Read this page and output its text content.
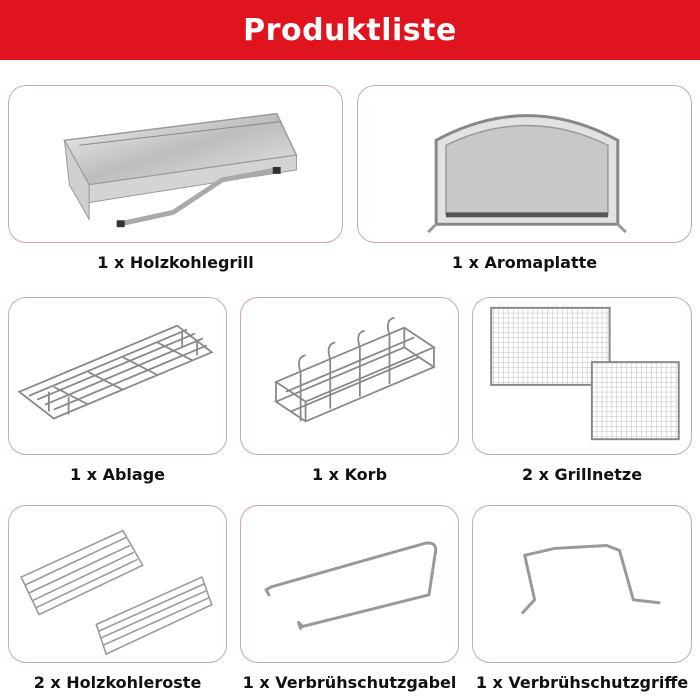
Produktliste
1 x Holzkohlegrill	1 x Aromaplatte
1 x Ablage	1 x Korb	2 x Grillnetze
2 x Holzkohleroste	1 x Verbrühschutzgabel 1 x Verbrühschutzgriffe
